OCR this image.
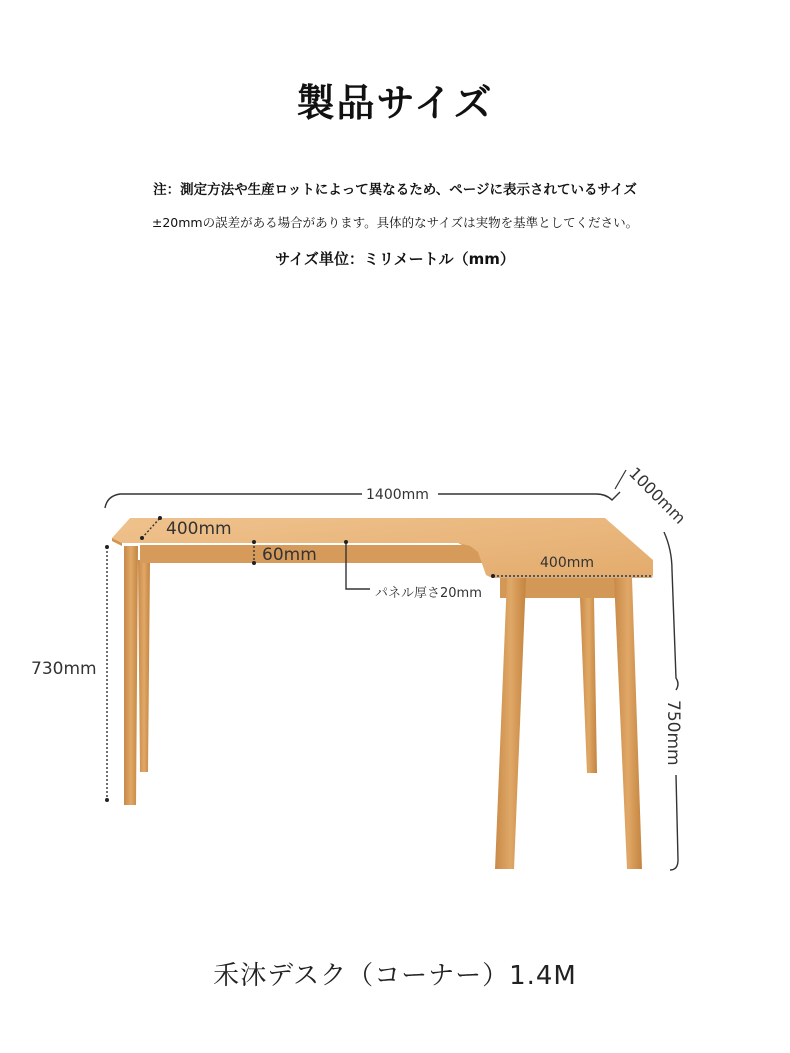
製品サイズ
注：測定方法や生産ロットによって異なるため、ページに表示されているサイズ
±20mmの誤差がある場合があります。具体的なサイズは実物を基準としてください。
サイズ単位：ミリメートル（mm）
1400mm	1000mm
400mm
60mm
パネル厚さ20mm
400mm
730mm
750mm
禾沐デスク（コーナー）1.4M
